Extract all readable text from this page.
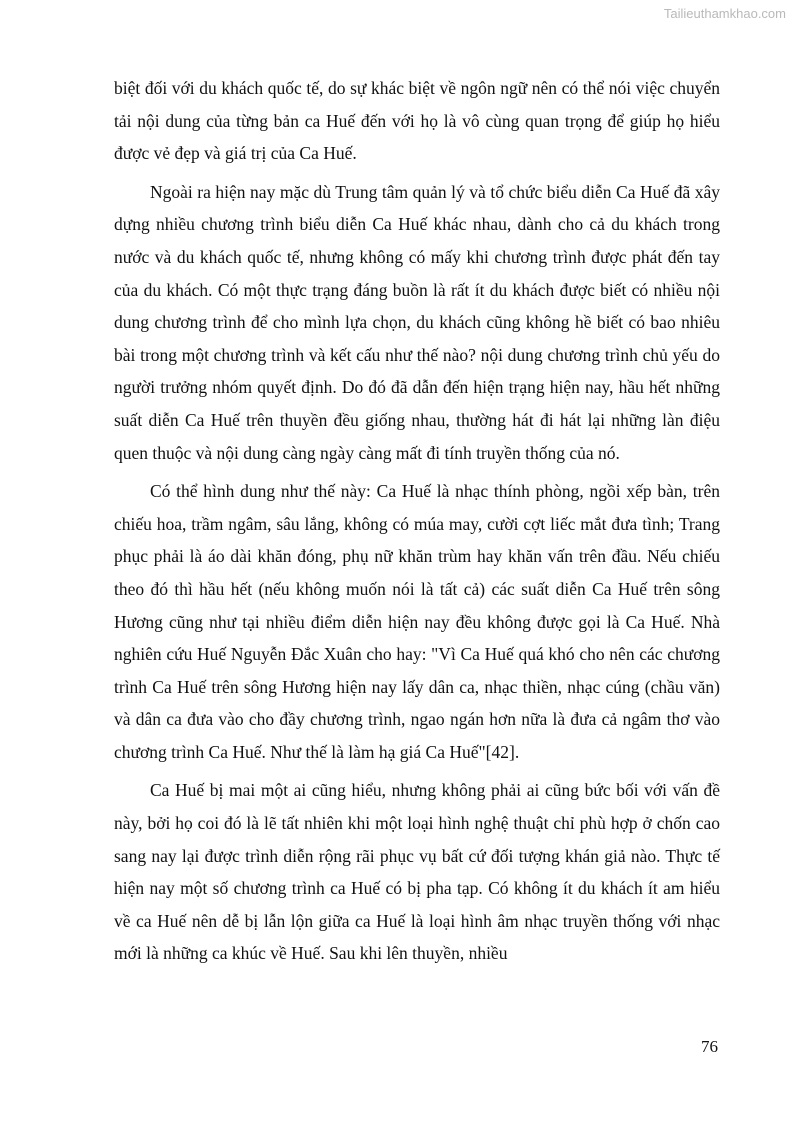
Tailieuthamkhao.com

biệt đối với du khách quốc tế, do sự khác biệt về ngôn ngữ nên có thể nói việc chuyển tải nội dung của từng bản ca Huế đến với họ là vô cùng quan trọng để giúp họ hiểu được vẻ đẹp và giá trị của Ca Huế.

Ngoài ra hiện nay mặc dù Trung tâm quản lý và tổ chức biểu diễn Ca Huế đã xây dựng nhiều chương trình biểu diễn Ca Huế khác nhau, dành cho cả du khách trong nước và du khách quốc tế, nhưng không có mấy khi chương trình được phát đến tay của du khách. Có một thực trạng đáng buồn là rất ít du khách được biết có nhiều nội dung chương trình để cho mình lựa chọn, du khách cũng không hề biết có bao nhiêu bài trong một chương trình và kết cấu như thế nào? nội dung chương trình chủ yếu do người trưởng nhóm quyết định. Do đó đã dẫn đến hiện trạng hiện nay, hầu hết những suất diễn Ca Huế trên thuyền đều giống nhau, thường hát đi hát lại những làn điệu quen thuộc và nội dung càng ngày càng mất đi tính truyền thống của nó.

Có thể hình dung như thế này: Ca Huế là nhạc thính phòng, ngồi xếp bàn, trên chiếu hoa, trầm ngâm, sâu lắng, không có múa may, cười cợt liếc mắt đưa tình; Trang phục phải là áo dài khăn đóng, phụ nữ khăn trùm hay khăn vấn trên đầu. Nếu chiếu theo đó thì hầu hết (nếu không muốn nói là tất cả) các suất diễn Ca Huế trên sông Hương cũng như tại nhiều điểm diễn hiện nay đều không được gọi là Ca Huế. Nhà nghiên cứu Huế Nguyễn Đắc Xuân cho hay: "Vì Ca Huế quá khó cho nên các chương trình Ca Huế trên sông Hương hiện nay lấy dân ca, nhạc thiền, nhạc cúng (chầu văn) và dân ca đưa vào cho đầy chương trình, ngao ngán hơn nữa là đưa cả ngâm thơ vào chương trình Ca Huế. Như thế là làm hạ giá Ca Huế"[42].

Ca Huế bị mai một ai cũng hiểu, nhưng không phải ai cũng bức bối với vấn đề này, bởi họ coi đó là lẽ tất nhiên khi một loại hình nghệ thuật chỉ phù hợp ở chốn cao sang nay lại được trình diễn rộng rãi phục vụ bất cứ đối tượng khán giả nào. Thực tế hiện nay một số chương trình ca Huế có bị pha tạp. Có không ít du khách ít am hiểu về ca Huế nên dễ bị lẫn lộn giữa ca Huế là loại hình âm nhạc truyền thống với nhạc mới là những ca khúc về Huế. Sau khi lên thuyền, nhiều

76
